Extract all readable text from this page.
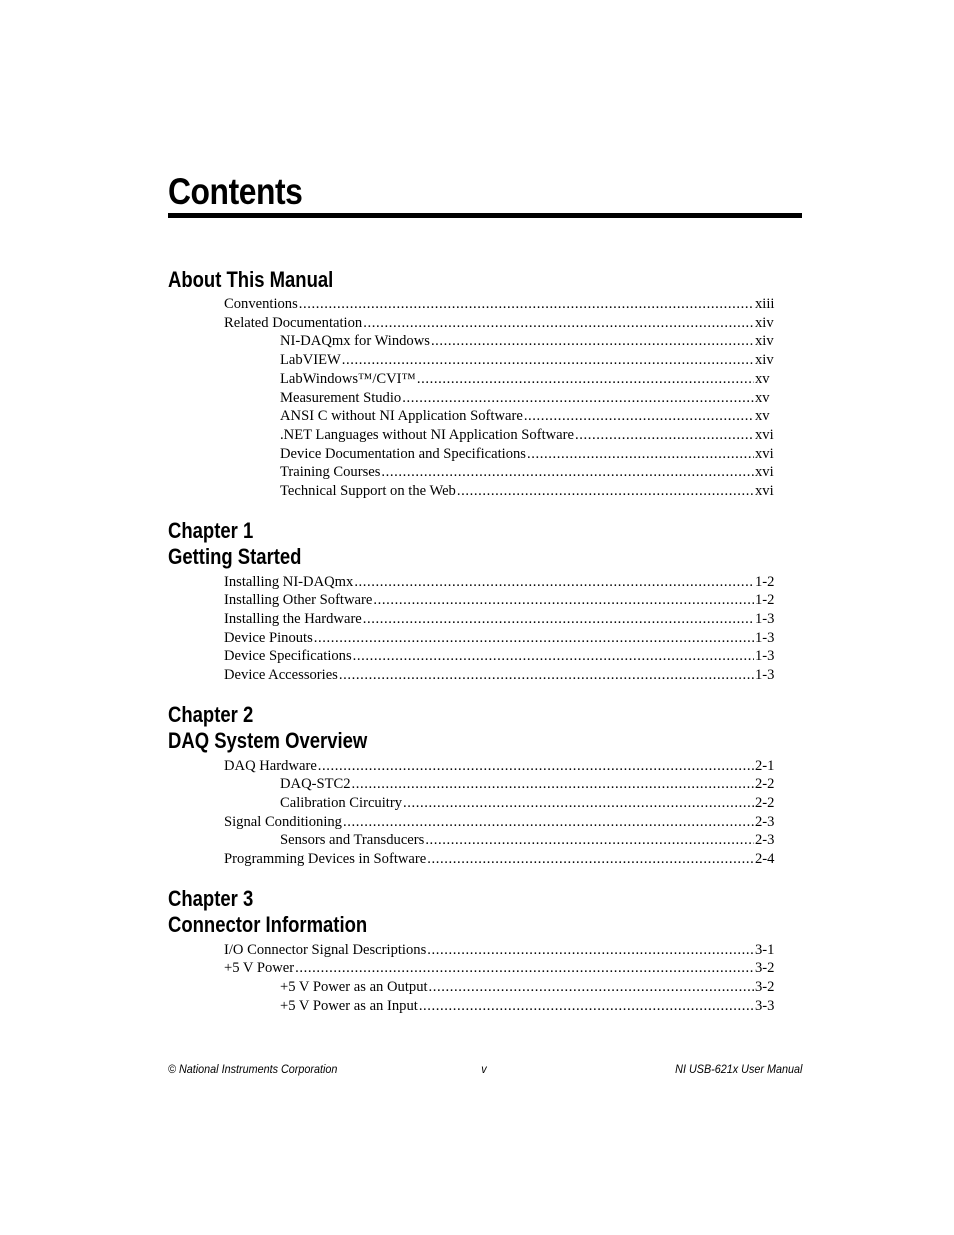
Contents
About This Manual
Chapter 1
Getting Started
Chapter 2
DAQ System Overview
Chapter 3
Connector Information
Conventions .....	xiii
Related Documentation .....	xiv
NI-DAQmx for Windows .....	xiv
LabVIEW .....	xiv
LabWindows™/CVI™ .....	xv
Measurement Studio .....	xv
ANSI C without NI Application Software .....	xv
.NET Languages without NI Application Software .....	xvi
Device Documentation and Specifications .....	xvi
Training Courses .....	xvi
Technical Support on the Web .....	xvi
Installing NI-DAQmx .....	1-2
Installing Other Software .....	1-2
Installing the Hardware .....	1-3
Device Pinouts .....	1-3
Device Specifications .....	1-3
Device Accessories .....	1-3
DAQ Hardware .....	2-1
DAQ-STC2 .....	2-2
Calibration Circuitry .....	2-2
Signal Conditioning .....	2-3
Sensors and Transducers .....	2-3
Programming Devices in Software .....	2-4
I/O Connector Signal Descriptions .....	3-1
+5 V Power .....	3-2
+5 V Power as an Output .....	3-2
+5 V Power as an Input .....	3-3
© National Instruments Corporation	v	NI USB-621x User Manual
